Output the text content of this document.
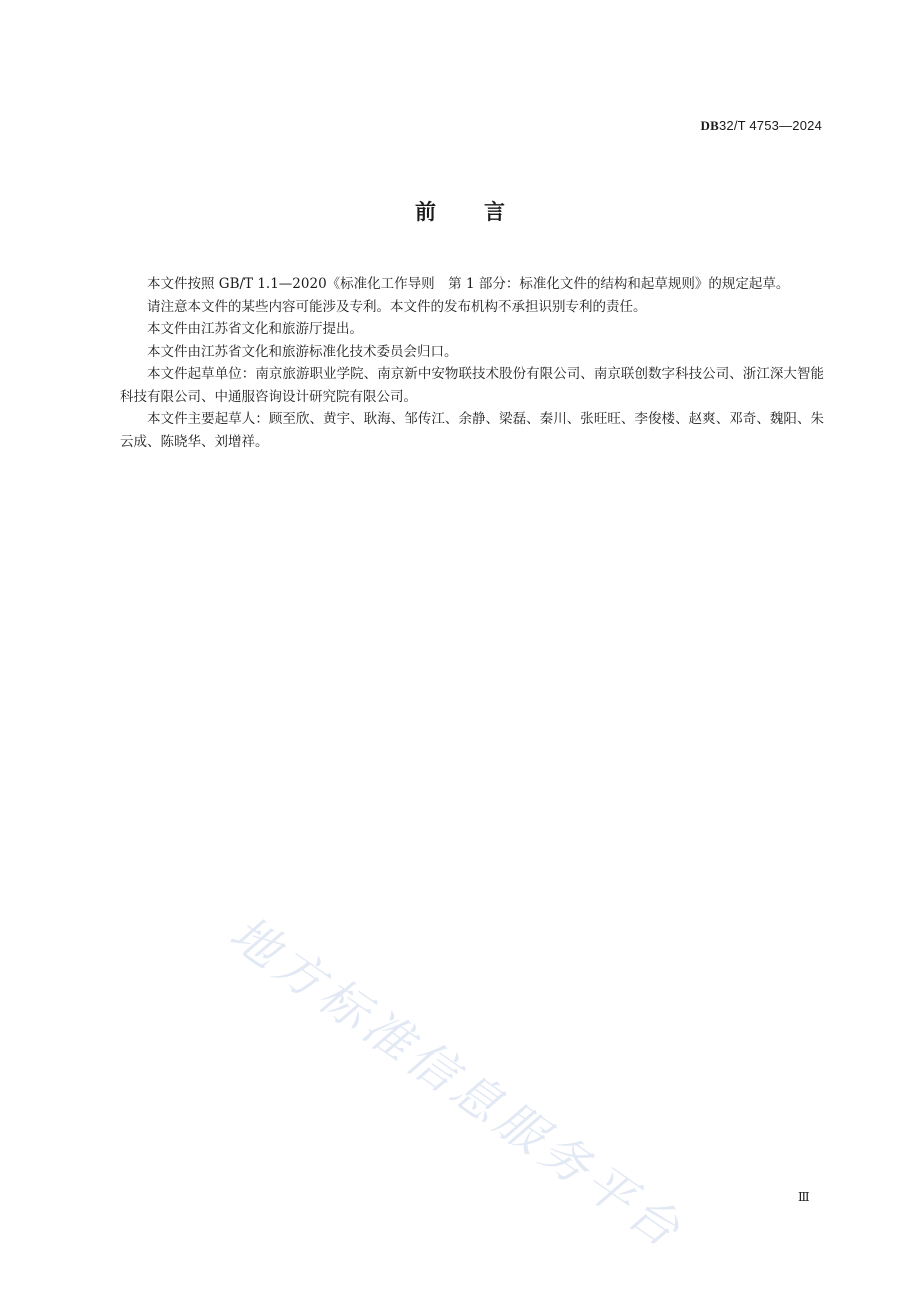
DB32/T 4753—2024
前言

本文件按照 GB/T 1.1—2020《标准化工作导则　第 1 部分：标准化文件的结构和起草规则》的规定起草。

请注意本文件的某些内容可能涉及专利。本文件的发布机构不承担识别专利的责任。

本文件由江苏省文化和旅游厅提出。

本文件由江苏省文化和旅游标准化技术委员会归口。

本文件起草单位：南京旅游职业学院、南京新中安物联技术股份有限公司、南京联创数字科技公司、浙江深大智能科技有限公司、中通服咨询设计研究院有限公司。

本文件主要起草人：顾至欣、黄宇、耿海、邹传江、余静、梁磊、秦川、张旺旺、李俊楼、赵爽、邓奇、魏阳、朱云成、陈晓华、刘增祥。

地方标准信息服务平台	Ⅲ
